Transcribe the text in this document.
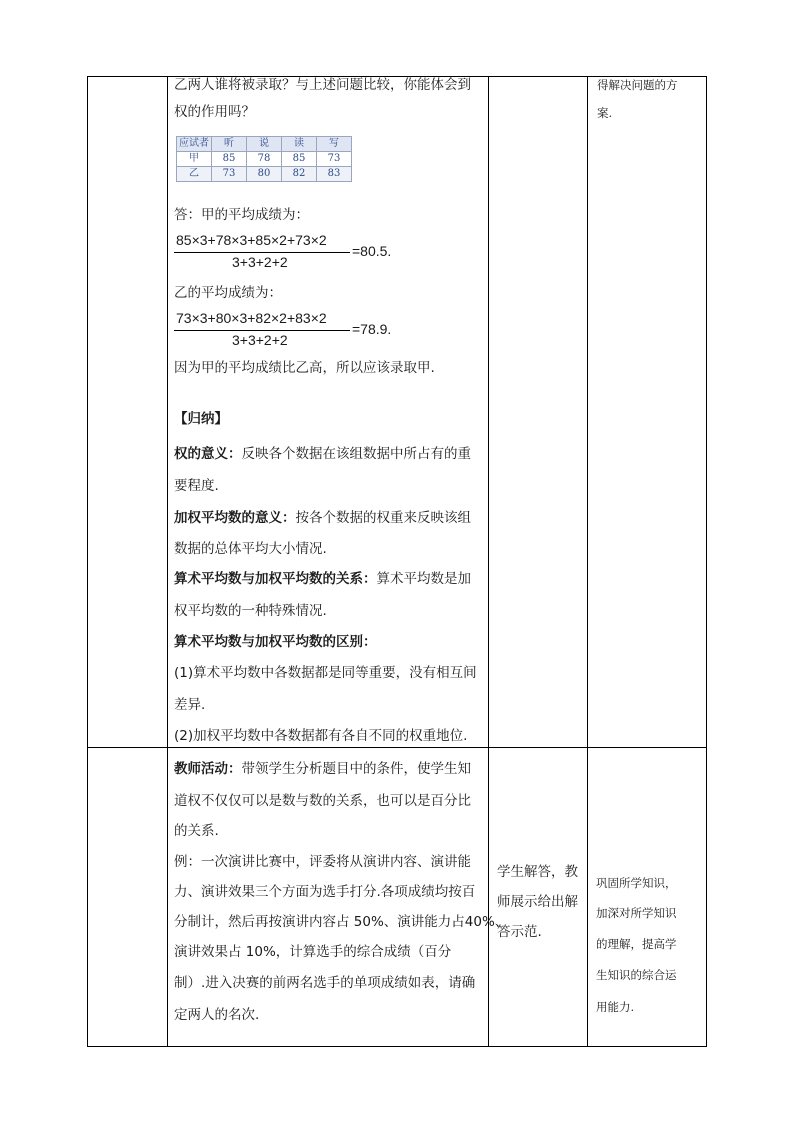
乙两人谁将被录取？与上述问题比较，你能体会到
权的作用吗？
应试者	听	说	读	写
甲	85	78	85	73
乙	73	80	82	83
答：甲的平均成绩为：
85×3+78×3+85×2+73×2
3+3+2+2
=80.5.
乙的平均成绩为：
73×3+80×3+82×2+83×2
3+3+2+2
=78.9.
因为甲的平均成绩比乙高，所以应该录取甲.
【归纳】
权的意义：反映各个数据在该组数据中所占有的重
要程度.
加权平均数的意义：按各个数据的权重来反映该组
数据的总体平均大小情况.
算术平均数与加权平均数的关系：算术平均数是加
权平均数的一种特殊情况.
算术平均数与加权平均数的区别：
(1)算术平均数中各数据都是同等重要，没有相互间
差异.
(2)加权平均数中各数据都有各自不同的权重地位.
得解决问题的方
案.
教师活动：带领学生分析题目中的条件，使学生知
道权不仅仅可以是数与数的关系，也可以是百分比
的关系.
例：一次演讲比赛中，评委将从演讲内容、演讲能
力、演讲效果三个方面为选手打分.各项成绩均按百
分制计，然后再按演讲内容占 50%、演讲能力占40%、
演讲效果占 10%，计算选手的综合成绩（百分
制）.进入决赛的前两名选手的单项成绩如表，请确
定两人的名次.
学生解答，教
师展示给出解
答示范.
巩固所学知识，
加深对所学知识
的理解，提高学
生知识的综合运
用能力.
